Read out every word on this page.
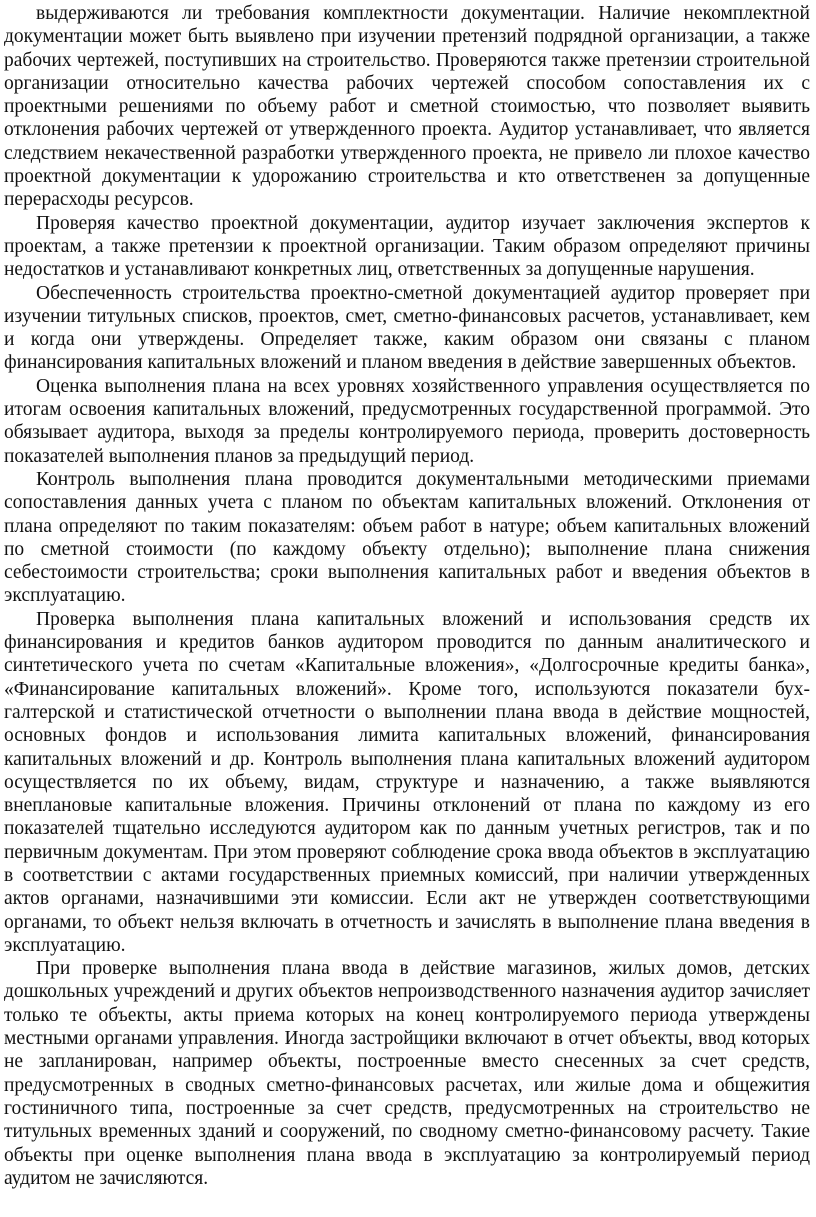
выдерживаются ли требования комплектности документации. Наличие некомплектной документации может быть выявлено при изучении претензий подрядной организации, а также рабочих чертежей, поступивших на строительство. Проверяются также претензии строительной организации относительно качества рабочих чертежей способом сопоставления их с проектными решениями по объему работ и сметной стоимостью, что позволяет выявить отклонения рабочих чертежей от утвержденного проекта. Аудитор устанавливает, что является следствием некачественной разработки утвержденного проекта, не привело ли плохое качество проектной документации к удорожанию строительства и кто ответственен за допущенные перерасходы ресурсов.

Проверяя качество проектной документации, аудитор изучает заключения экспертов к проектам, а также претензии к проектной организации. Таким образом определяют причины недостатков и устанавливают конкретных лиц, ответственных за допущенные нарушения.

Обеспеченность строительства проектно-сметной документацией аудитор проверяет при изучении титульных списков, проектов, смет, сметно-финансовых расчетов, устанавливает, кем и когда они утверждены. Определяет также, каким образом они связаны с планом финансирования капитальных вложений и планом введения в действие завершенных объектов.

Оценка выполнения плана на всех уровнях хозяйственного управления осуществляется по итогам освоения капитальных вложений, предусмотренных государственной программой. Это обязывает аудитора, выходя за пределы контролируемого периода, проверить достоверность показателей выполнения планов за предыдущий период.

Контроль выполнения плана проводится документальными методическими приемами сопоставления данных учета с планом по объектам капитальных вложений. Отклонения от плана определяют по таким показателям: объем работ в натуре; объем капитальных вложений по сметной стоимости (по каждому объекту отдельно); выполнение плана снижения себестоимости строительства; сроки выполнения капитальных работ и введения объектов в эксплуатацию.

Проверка выполнения плана капитальных вложений и использования средств их финансирования и кредитов банков аудитором проводится по данным аналитического и синтетического учета по счетам «Капитальные вложения», «Долгосрочные кредиты банка», «Финансирование капитальных вложений». Кроме того, используются показатели бухгалтерской и статистической отчетности о выполнении плана ввода в действие мощностей, основных фондов и использования лимита капитальных вложений, финансирования капитальных вложений и др. Контроль выполнения плана капитальных вложений аудитором осуществляется по их объему, видам, структуре и назначению, а также выявляются внеплановые капитальные вложения. Причины отклонений от плана по каждому из его показателей тщательно исследуются аудитором как по данным учетных регистров, так и по первичным документам. При этом проверяют соблюдение срока ввода объектов в эксплуатацию в соответствии с актами государственных приемных комиссий, при наличии утвержденных актов органами, назначившими эти комиссии. Если акт не утвержден соответствующими органами, то объект нельзя включать в отчетность и зачислять в выполнение плана введения в эксплуатацию.

При проверке выполнения плана ввода в действие магазинов, жилых домов, детских дошкольных учреждений и других объектов непроизводственного назначения аудитор зачисляет только те объекты, акты приема которых на конец контролируемого периода утверждены местными органами управления. Иногда застройщики включают в отчет объекты, ввод которых не запланирован, например объекты, построенные вместо снесенных за счет средств, предусмотренных в сводных сметно-финансовых расчетах, или жилые дома и общежития гостиничного типа, построенные за счет средств, предусмотренных на строительство не титульных временных зданий и сооружений, по сводному сметно-финансовому расчету. Такие объекты при оценке выполнения плана ввода в эксплуатацию за контролируемый период аудитом не зачисляются.
